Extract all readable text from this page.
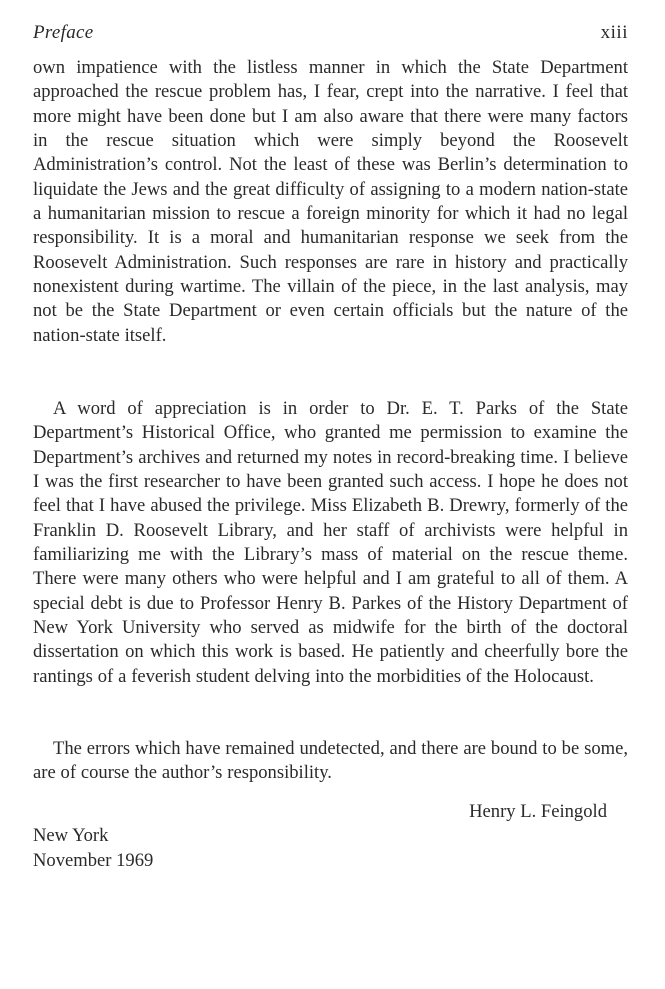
Preface	xiii

own impatience with the listless manner in which the State Department approached the rescue problem has, I fear, crept into the narrative. I feel that more might have been done but I am also aware that there were many factors in the rescue situation which were simply beyond the Roosevelt Administration’s control. Not the least of these was Berlin’s determination to liquidate the Jews and the great difficulty of assigning to a modern nation-state a humanitarian mission to rescue a foreign minority for which it had no legal responsibility. It is a moral and humanitarian response we seek from the Roosevelt Administration. Such responses are rare in history and practically nonexistent during wartime. The villain of the piece, in the last analysis, may not be the State Department or even certain officials but the nature of the nation-state itself.

A word of appreciation is in order to Dr. E. T. Parks of the State Department’s Historical Office, who granted me permission to examine the Department’s archives and returned my notes in record-breaking time. I believe I was the first researcher to have been granted such access. I hope he does not feel that I have abused the privilege. Miss Elizabeth B. Drewry, formerly of the Franklin D. Roosevelt Library, and her staff of archivists were helpful in familiarizing me with the Library’s mass of material on the rescue theme. There were many others who were helpful and I am grateful to all of them. A special debt is due to Professor Henry B. Parkes of the History Department of New York University who served as midwife for the birth of the doctoral dissertation on which this work is based. He patiently and cheerfully bore the rantings of a feverish student delving into the morbidities of the Holocaust.

The errors which have remained undetected, and there are bound to be some, are of course the author’s responsibility.

Henry L. Feingold
New York
November 1969
